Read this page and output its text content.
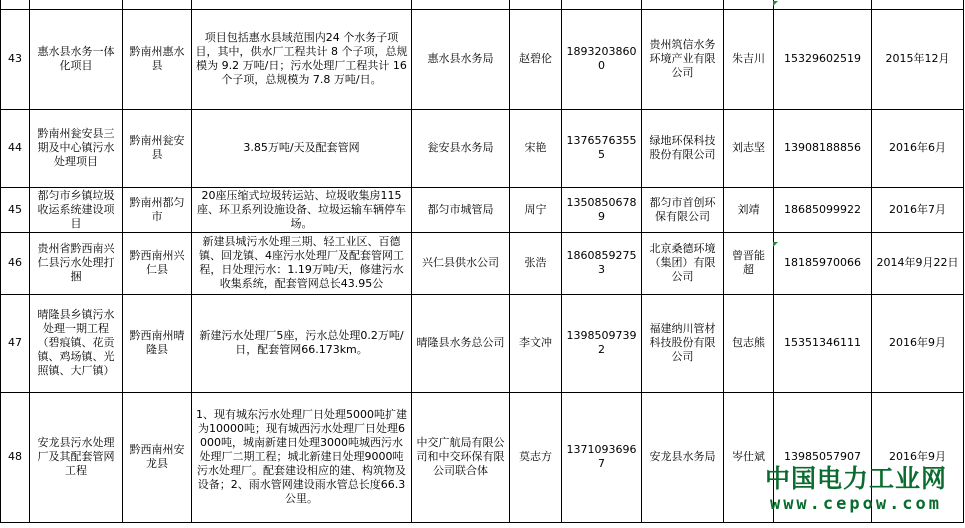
43	惠水县水务一体化项目	黔南州惠水县	项目包括惠水县域范围内24 个水务子项目，其中，供水厂工程共计 8 个子项，总规模为 9.2 万吨/日；污水处理厂工程共计 16 个子项，总规模为 7.8 万吨/日。	惠水县水务局	赵碧伦	18932038600	贵州筑信水务环境产业有限公司	朱吉川	15329602519	2015年12月
44	黔南州瓮安县三期及中心镇污水处理项目	黔南州瓮安县	3.85万吨/天及配套管网	瓮安县水务局	宋艳	13765763555	绿地环保科技股份有限公司	刘志坚	13908188856	2016年6月
45	都匀市乡镇垃圾收运系统建设项目	黔南州都匀市	20座压缩式垃圾转运站、垃圾收集房115座、环卫系列设施设备、垃圾运输车辆停车场。	都匀市城管局	周宁	13508506789	都匀市首创环保有限公司	刘靖	18685099922	2016年7月
46	贵州省黔西南兴仁县污水处理打捆	黔西南州兴仁县	新建县城污水处理三期、轻工业区、百德镇、回龙镇、4座污水处理厂及配套管网工程，日处理污水：1.19万吨/天，修建污水收集系统，配套管网总长43.95公	兴仁县供水公司	张浩	18608592753	北京桑德环境（集团）有限公司	曾晋能超	18185970066	2014年9月22日
47	晴隆县乡镇污水处理一期工程（碧痕镇、花贡镇、鸡场镇、光照镇、大厂镇）	黔西南州晴隆县	新建污水处理厂5座，污水总处理0.2万吨/日，配套管网66.173km。	晴隆县水务总公司	李文冲	13985097392	福建纳川管材科技股份有限公司	包志熊	15351346111	2016年9月
48	安龙县污水处理厂及其配套管网工程	黔西南州安龙县	1、现有城东污水处理厂日处理5000吨扩建为10000吨；现有城西污水处理厂日处理6000吨，城南新建日处理3000吨城西污水处理厂二期工程；城北新建日处理9000吨污水处理厂。配套建设相应的建、构筑物及设备；2、雨水管网建设雨水管总长度66.3公里。	中交广航局有限公司和中交环保有限公司联合体	莫志方	13710936967	安龙县水务局	岑仕斌	13985057907	2016年9月
中国电力工业网
www.cepow.com
